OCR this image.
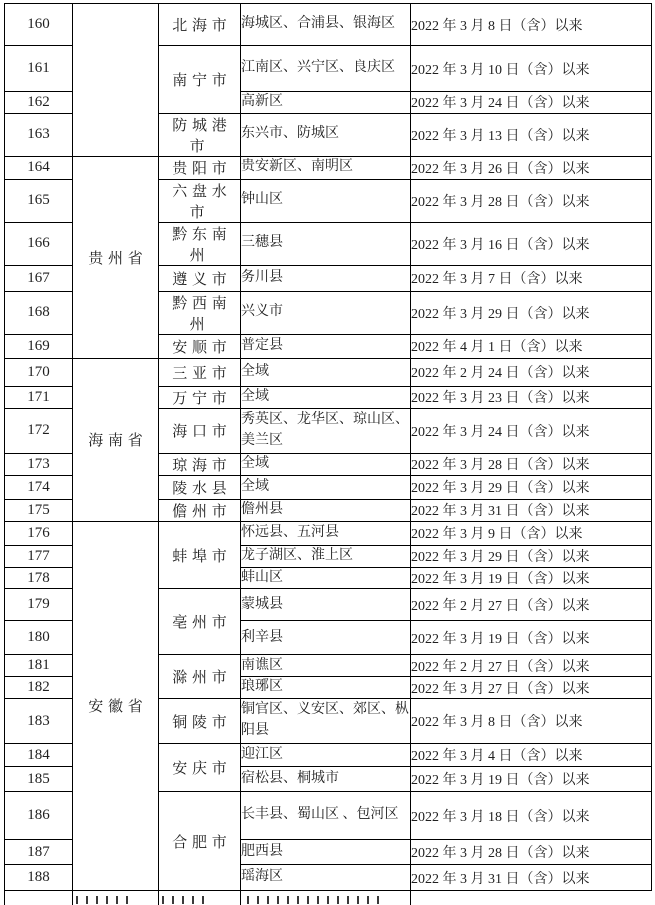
160		北海市	海城区、合浦县、银海区	2022 年 3 月 8 日（含）以来
161		南宁市	江南区、兴宁区、良庆区	2022 年 3 月 10 日（含）以来
162			高新区	2022 年 3 月 24 日（含）以来
163		防城港市	东兴市、防城区	2022 年 3 月 13 日（含）以来
164	贵州省	贵阳市	贵安新区、南明区	2022 年 3 月 26 日（含）以来
165		六盘水市	钟山区	2022 年 3 月 28 日（含）以来
166		黔东南州	三穗县	2022 年 3 月 16 日（含）以来
167		遵义市	务川县	2022 年 3 月 7 日（含）以来
168		黔西南州	兴义市	2022 年 3 月 29 日（含）以来
169		安顺市	普定县	2022 年 4 月 1 日（含）以来
170	海南省	三亚市	全域	2022 年 2 月 24 日（含）以来
171		万宁市	全域	2022 年 3 月 23 日（含）以来
172		海口市	秀英区、龙华区、琼山区、美兰区	2022 年 3 月 24 日（含）以来
173		琼海市	全域	2022 年 3 月 28 日（含）以来
174		陵水县	全域	2022 年 3 月 29 日（含）以来
175		儋州市	儋州县	2022 年 3 月 31 日（含）以来
176	安徽省	蚌埠市	怀远县、五河县	2022 年 3 月 9 日（含）以来
177			龙子湖区、淮上区	2022 年 3 月 29 日（含）以来
178			蚌山区	2022 年 3 月 19 日（含）以来
179		亳州市	蒙城县	2022 年 2 月 27 日（含）以来
180			利辛县	2022 年 3 月 19 日（含）以来
181		滁州市	南谯区	2022 年 2 月 27 日（含）以来
182			琅琊区	2022 年 3 月 27 日（含）以来
183		铜陵市	铜官区、义安区、郊区、枞阳县	2022 年 3 月 8 日（含）以来
184		安庆市	迎江区	2022 年 3 月 4 日（含）以来
185			宿松县、桐城市	2022 年 3 月 19 日（含）以来
186		合肥市	长丰县、蜀山区 、包河区	2022 年 3 月 18 日（含）以来
187			肥西县	2022 年 3 月 28 日（含）以来
188			瑶海区	2022 年 3 月 31 日（含）以来
